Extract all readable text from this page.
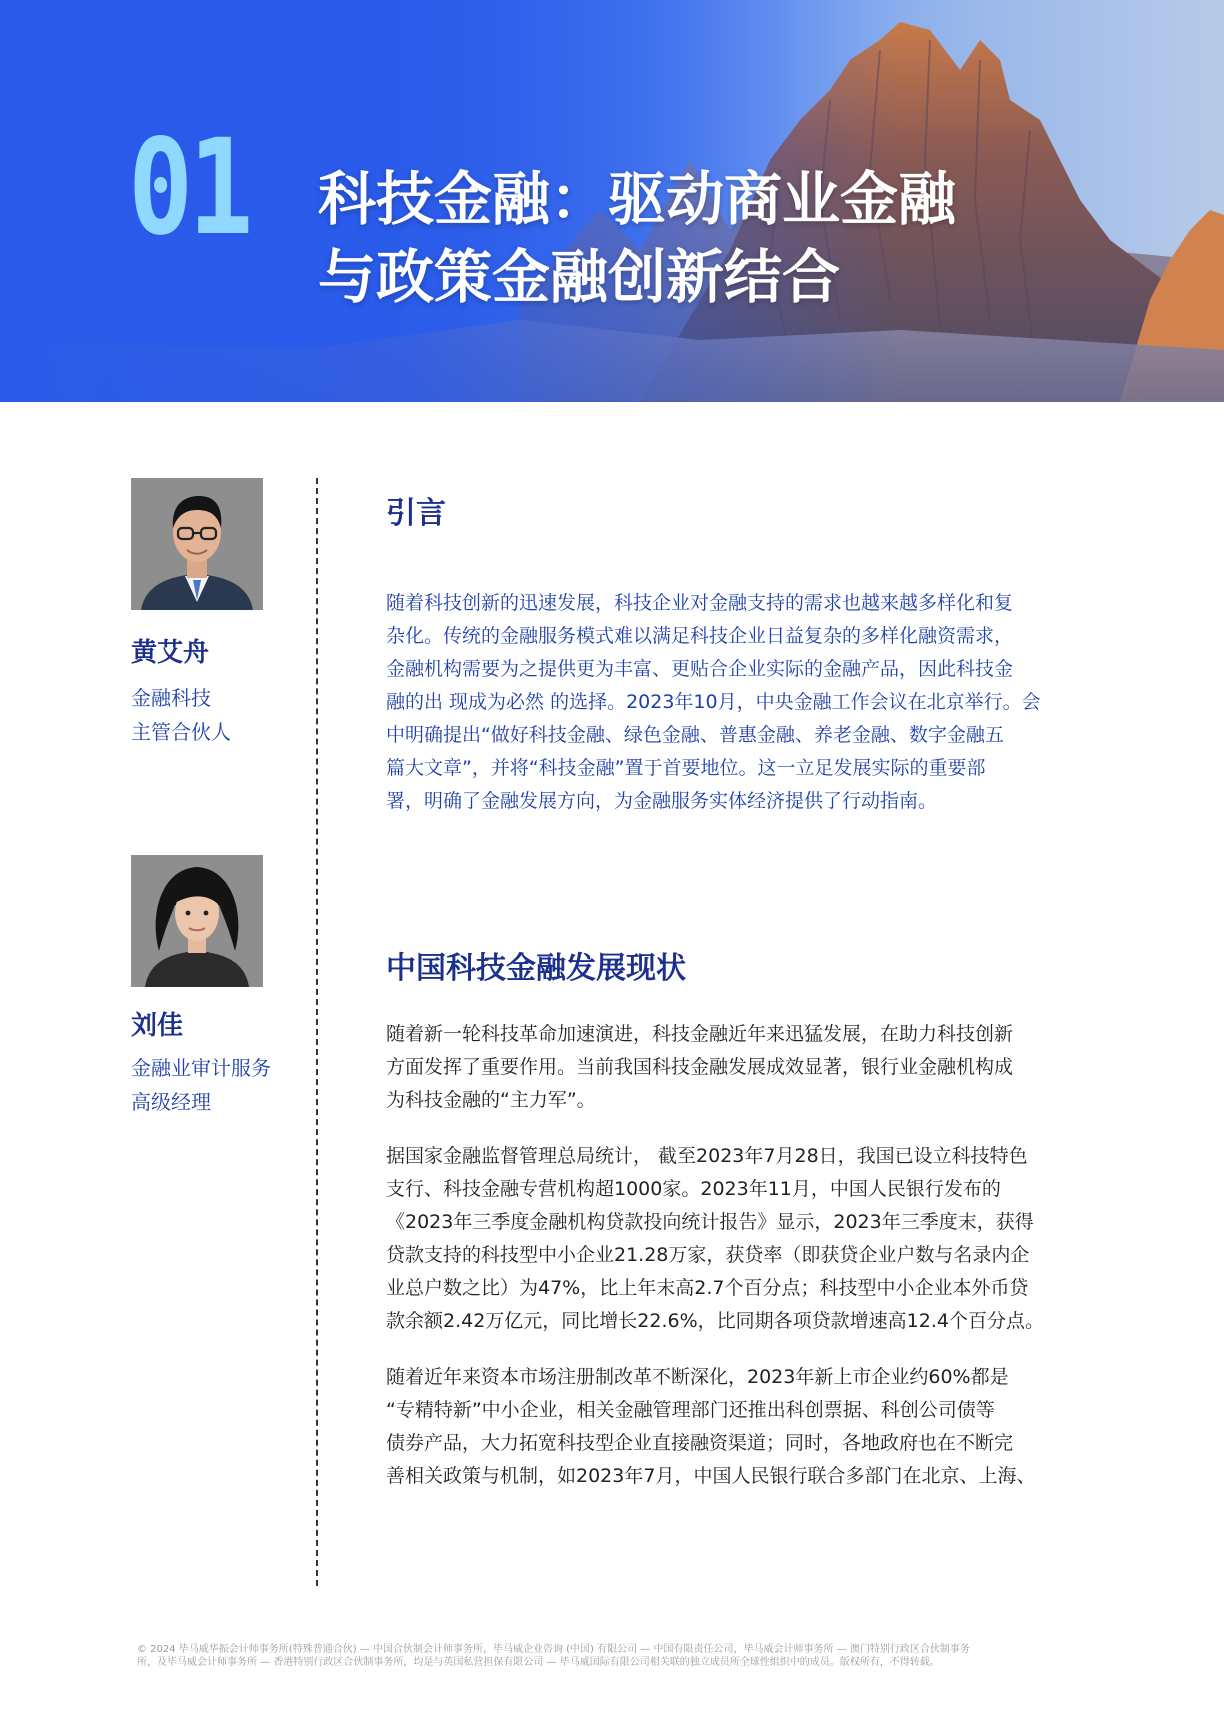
01 科技金融：驱动商业金融
与政策金融创新结合
黄艾舟
金融科技
主管合伙人
刘佳
金融业审计服务
高级经理
引言
随着科技创新的迅速发展，科技企业对金融支持的需求也越来越多样化和复
杂化。传统的金融服务模式难以满足科技企业日益复杂的多样化融资需求，
金融机构需要为之提供更为丰富、更贴合企业实际的金融产品，因此科技金
融的出 现成为必然 的选择。2023年10月，中央金融工作会议在北京举行。会
中明确提出“做好科技金融、绿色金融、普惠金融、养老金融、数字金融五
篇大文章”，并将“科技金融”置于首要地位。这一立足发展实际的重要部
署，明确了金融发展方向，为金融服务实体经济提供了行动指南。
中国科技金融发展现状
随着新一轮科技革命加速演进，科技金融近年来迅猛发展，在助力科技创新
方面发挥了重要作用。当前我国科技金融发展成效显著，银行业金融机构成
为科技金融的“主力军”。
据国家金融监督管理总局统计， 截至2023年7月28日，我国已设立科技特色
支行、科技金融专营机构超1000家。2023年11月，中国人民银行发布的
《2023年三季度金融机构贷款投向统计报告》显示，2023年三季度末，获得
贷款支持的科技型中小企业21.28万家，获贷率（即获贷企业户数与名录内企
业总户数之比）为47%，比上年末高2.7个百分点；科技型中小企业本外币贷
款余额2.42万亿元，同比增长22.6%，比同期各项贷款增速高12.4个百分点。
随着近年来资本市场注册制改革不断深化，2023年新上市企业约60%都是
“专精特新”中小企业，相关金融管理部门还推出科创票据、科创公司债等
债券产品，大力拓宽科技型企业直接融资渠道；同时，各地政府也在不断完
善相关政策与机制，如2023年7月，中国人民银行联合多部门在北京、上海、
© 2024 毕马威华振会计师事务所(特殊普通合伙) — 中国合伙制会计师事务所，毕马威企业咨询 (中国) 有限公司 — 中国有限责任公司，毕马威会计师事务所 — 澳门特别行政区合伙制事务
所，及毕马威会计师事务所 — 香港特别行政区合伙制事务所，均是与英国私营担保有限公司 — 毕马威国际有限公司相关联的独立成员所全球性组织中的成员。版权所有，不得转载。
